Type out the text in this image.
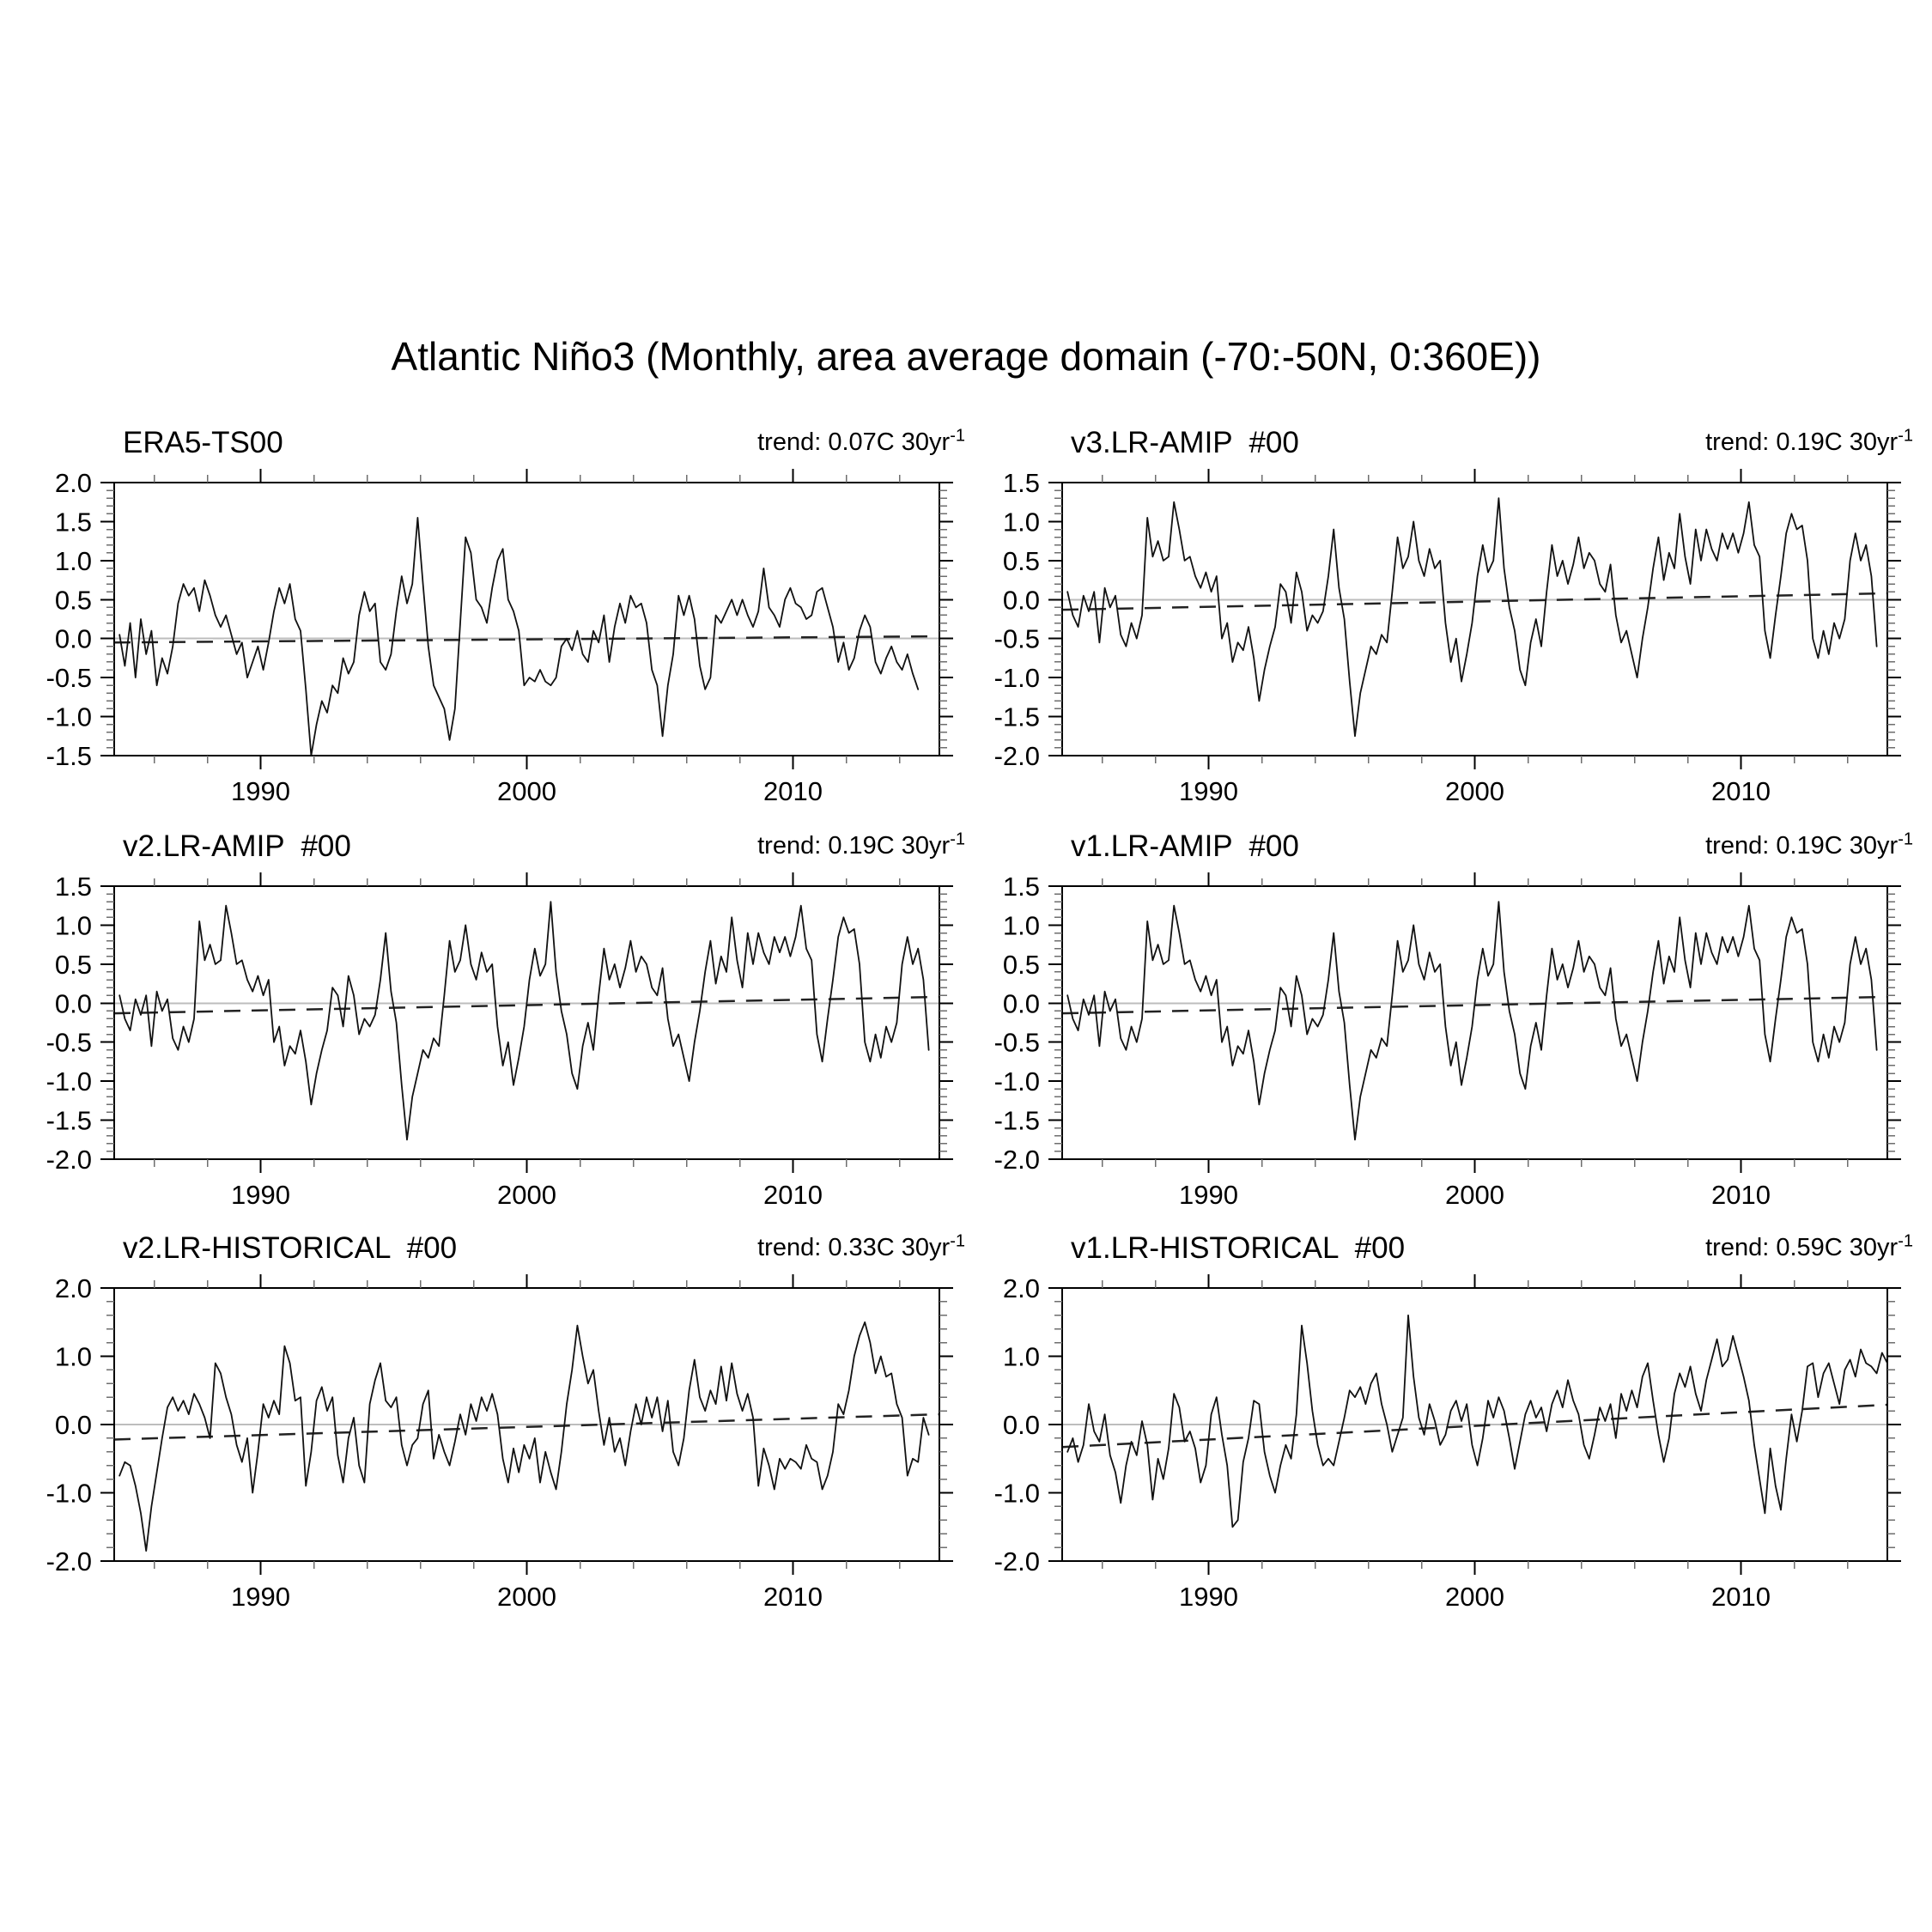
Atlantic Niño3 (Monthly, area average domain (-70:-50N, 0:360E))
1990	2000	2010
2.0
1.5
1.0
0.5
0.0
-0.5
-1.0
-1.5
1990	2000	2010
1.5
1.0
0.5
0.0
-0.5
-1.0
-1.5
-2.0
1990	2000	2010
1.5
1.0
0.5
0.0
-0.5
-1.0
-1.5
-2.0
1990	2000	2010
1.5
1.0
0.5
0.0
-0.5
-1.0
-1.5
-2.0
1990	2000	2010
2.0
1.0
0.0
-1.0
-2.0
1990	2000	2010
2.0
1.0
0.0
-1.0
-2.0
ERA5-TS00	trend: 0.07C $30yr^{-1}$	v3.LR-AMIP  #00	trend: 0.19C $30yr^{-1}$
v2.LR-AMIP  #00	trend: 0.19C $30yr^{-1}$	v1.LR-AMIP  #00	trend: 0.19C $30yr^{-1}$
v2.LR-HISTORICAL  #00	trend: 0.33C $30yr^{-1}$	v1.LR-HISTORICAL  #00	trend: 0.59C $30yr^{-1}$
